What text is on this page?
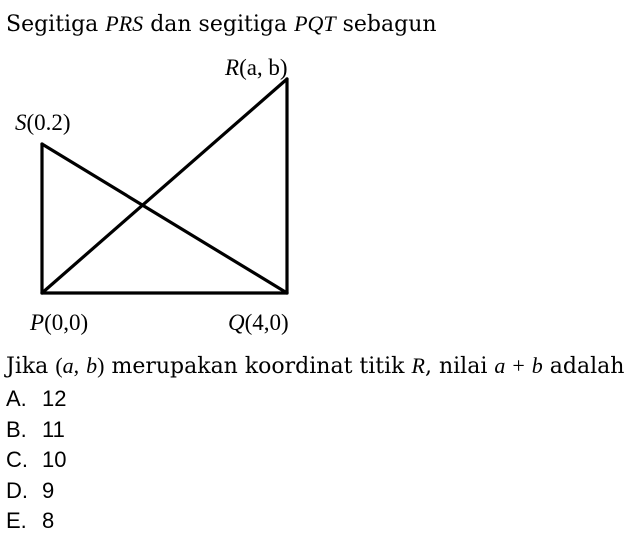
Segitiga PRS dan segitiga PQT sebagun
R(a, b)
S(0.2)
P(0,0)	Q(4,0)
Jika (a, b) merupakan koordinat titik R, nilai a + b adalah
A. 12
B. 11
C. 10
D. 9
E. 8
